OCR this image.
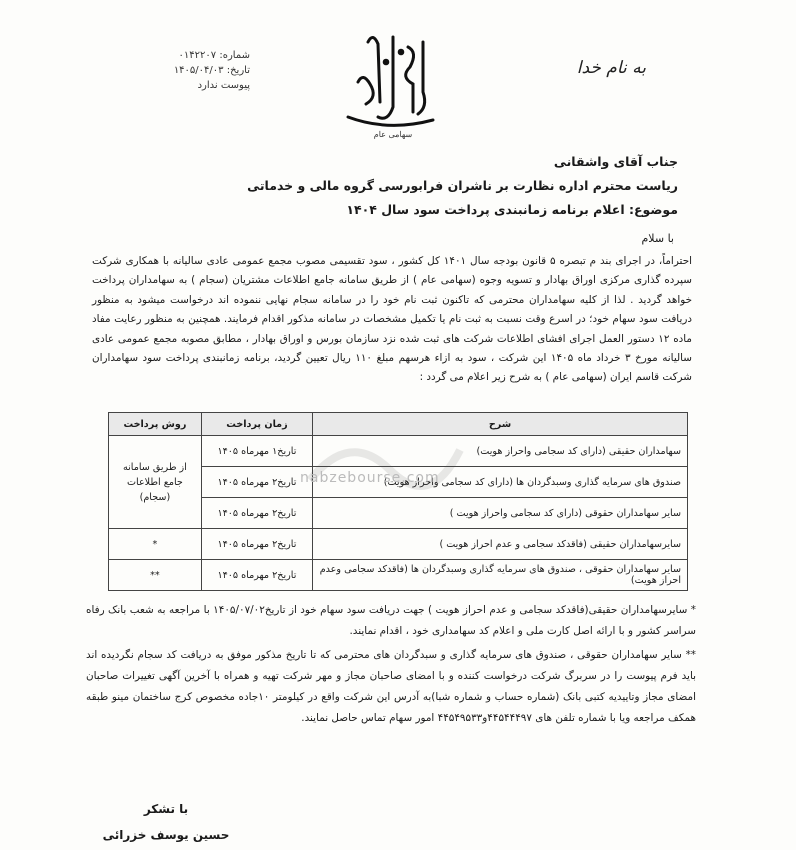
به نام خدا
سهامی عام
شماره: ۰۱۴۲۲۰۷
تاریخ: ۱۴۰۵/۰۴/۰۳
پیوست ندارد
جناب آقای واشقانی
ریاست محترم اداره نظارت بر ناشران فرابورسی گروه مالی و خدماتی
موضوع: اعلام برنامه زمانبندی پرداخت سود سال ۱۴۰۴
با سلام
احتراماً، در اجرای بند م تبصره ۵ قانون بودجه سال ۱۴۰۱ کل کشور ، سود تقسیمی مصوب مجمع عمومی عادی سالیانه با همکاری شرکت سپرده گذاری مرکزی اوراق بهادار و تسویه وجوه (سهامی عام ) از طریق سامانه جامع اطلاعات مشتریان (سجام ) به سهامداران پرداخت خواهد گردید . لذا از کلیه سهامداران محترمی که تاکنون ثبت نام خود را در سامانه سجام نهایی ننموده اند درخواست میشود به منظور دریافت سود سهام خود؛ در اسرع وقت نسبت به ثبت نام یا تکمیل مشخصات در سامانه مذکور اقدام فرمایند. همچنین به منظور رعایت مفاد ماده ۱۲ دستور العمل اجرای افشای اطلاعات شرکت های ثبت شده نزد سازمان بورس و اوراق بهادار ، مطابق مصوبه مجمع عمومی عادی سالیانه مورخ ۳ خرداد ماه ۱۴۰۵ این شرکت ، سود به ازاء هرسهم مبلغ ۱۱۰ ریال تعیین گردید، برنامه زمانبندی پرداخت سود سهامداران شرکت قاسم ایران (سهامی عام ) به شرح زیر اعلام می گردد :
شرح	زمان پرداخت	روش پرداخت
سهامداران حقیقی (دارای کد سجامی واحراز هویت)	تاریخ۱ مهرماه ۱۴۰۵	از طریق سامانه جامع اطلاعات (سجام)
صندوق های سرمایه گذاری وسبدگردان ها (دارای کد سجامی واحراز هویت)	تاریخ۲ مهرماه ۱۴۰۵	
سایر سهامداران حقوقی (دارای کد سجامی واحراز هویت )	تاریخ۲ مهرماه ۱۴۰۵	
سایرسهامداران حقیقی (فاقدکد سجامی و عدم احراز هویت )	تاریخ۲ مهرماه ۱۴۰۵	*
سایر سهامداران حقوقی ، صندوق های سرمایه گذاری وسبدگردان ها (فاقدکد سجامی وعدم احراز هویت)	تاریخ۲ مهرماه ۱۴۰۵	**
nabzebourse.com

* سایرسهامداران حقیقی(فاقدکد سجامی و عدم احراز هویت ) جهت دریافت سود سهام خود از تاریخ۱۴۰۵/۰۷/۰۲ با مراجعه به شعب بانک رفاه سراسر کشور و با ارائه اصل کارت ملی و اعلام کد سهامداری خود ، اقدام نمایند.

** سایر سهامداران حقوقی ، صندوق های سرمایه گذاری و سبدگردان های محترمی که تا تاریخ مذکور موفق به دریافت کد سجام نگردیده اند باید فرم پیوست را در سربرگ شرکت درخواست کننده و با امضای صاحبان مجاز و مهر شرکت تهیه و همراه با آخرین آگهی تغییرات صاحبان امضای مجاز وتاییدیه کتبی بانک (شماره حساب و شماره شبا)به آدرس این شرکت واقع در کیلومتر ۱۰جاده مخصوص کرج ساختمان مینو طبقه همکف مراجعه ویا با شماره تلفن های ۴۴۵۴۴۴۹۷و۴۴۵۴۹۵۳۳ امور سهام تماس حاصل نمایند.

با تشکر
حسین یوسف خزرائی
